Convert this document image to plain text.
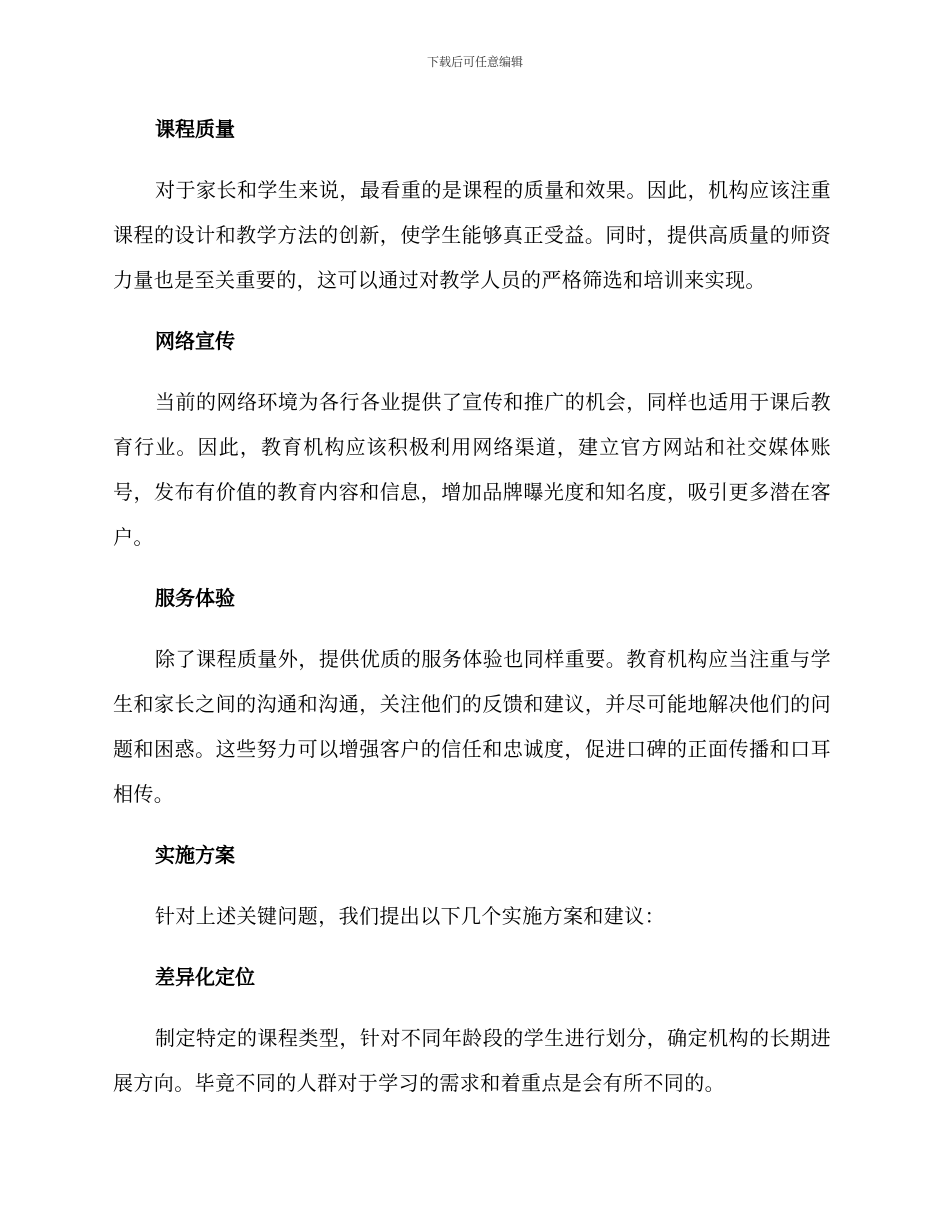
下载后可任意编辑
课程质量

对于家长和学生来说，最看重的是课程的质量和效果。因此，机构应该注重课程的设计和教学方法的创新，使学生能够真正受益。同时，提供高质量的师资力量也是至关重要的，这可以通过对教学人员的严格筛选和培训来实现。

网络宣传

当前的网络环境为各行各业提供了宣传和推广的机会，同样也适用于课后教育行业。因此，教育机构应该积极利用网络渠道，建立官方网站和社交媒体账号，发布有价值的教育内容和信息，增加品牌曝光度和知名度，吸引更多潜在客户。

服务体验

除了课程质量外，提供优质的服务体验也同样重要。教育机构应当注重与学生和家长之间的沟通和沟通，关注他们的反馈和建议，并尽可能地解决他们的问题和困惑。这些努力可以增强客户的信任和忠诚度，促进口碑的正面传播和口耳相传。

实施方案

针对上述关键问题，我们提出以下几个实施方案和建议：

差异化定位

制定特定的课程类型，针对不同年龄段的学生进行划分，确定机构的长期进展方向。毕竟不同的人群对于学习的需求和着重点是会有所不同的。
